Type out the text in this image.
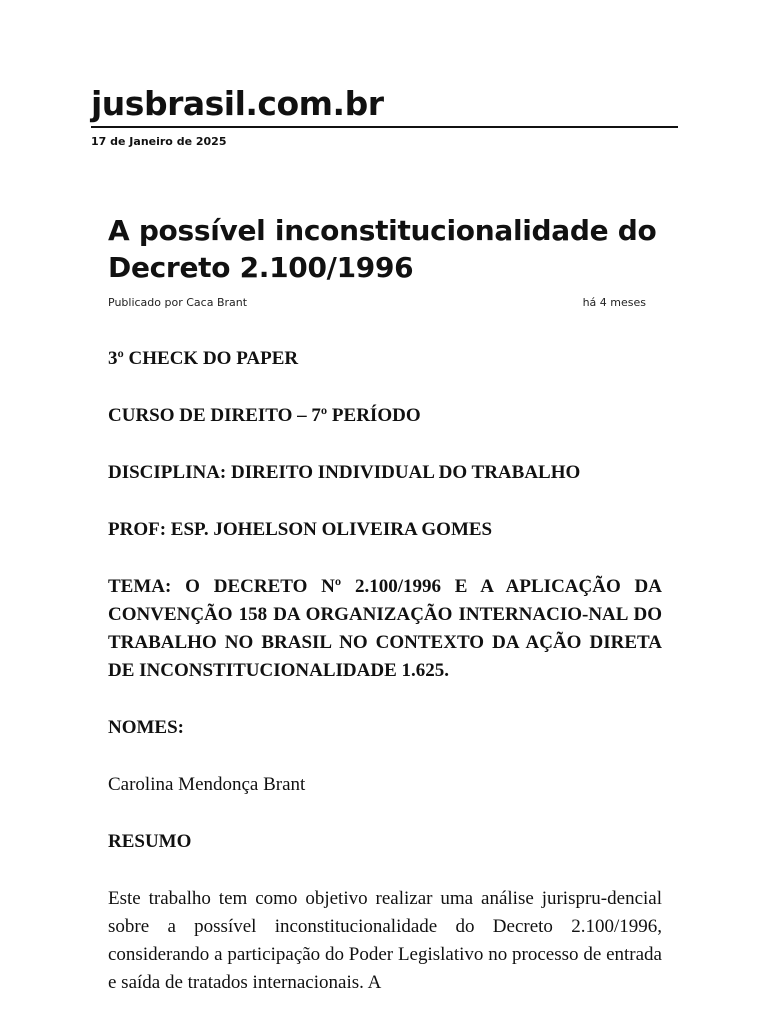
jusbrasil.com.br
17 de Janeiro de 2025
A possível inconstitucionalidade do Decreto 2.100/1996
Publicado por Caca Brant	há 4 meses

3º CHECK DO PAPER

CURSO DE DIREITO – 7º PERÍODO

DISCIPLINA: DIREITO INDIVIDUAL DO TRABALHO

PROF: ESP. JOHELSON OLIVEIRA GOMES

TEMA: O DECRETO Nº 2.100/1996 E A APLICAÇÃO DA CONVENÇÃO 158 DA ORGANIZAÇÃO INTERNACIO-NAL DO TRABALHO NO BRASIL NO CONTEXTO DA AÇÃO DIRETA DE INCONSTITUCIONALIDADE 1.625.

NOMES:

Carolina Mendonça Brant

RESUMO

Este trabalho tem como objetivo realizar uma análise jurispru-dencial sobre a possível inconstitucionalidade do Decreto 2.100/1996, considerando a participação do Poder Legislativo no processo de entrada e saída de tratados internacionais. A
